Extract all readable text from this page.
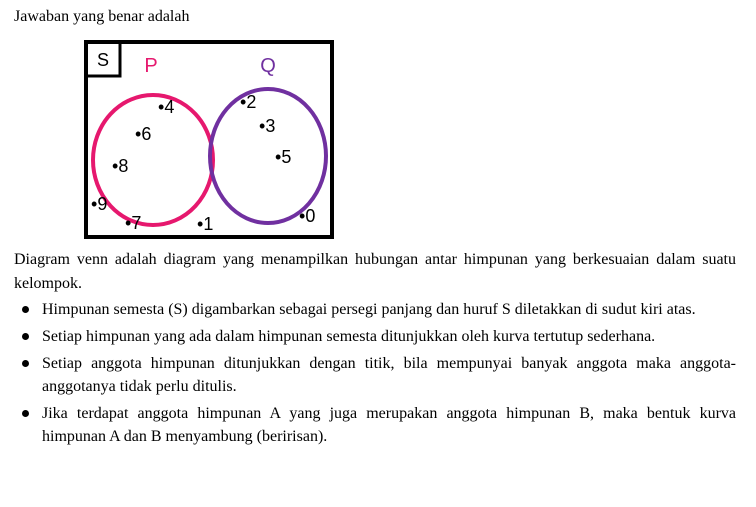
Jawaban yang benar adalah
S P
•4
•6
•8
Q
•2
•3
•5
•9
•7	•1	•0
Diagram venn adalah diagram yang menampilkan hubungan antar himpunan yang berkesuaian dalam suatu kelompok.
Himpunan semesta (S) digambarkan sebagai persegi panjang dan huruf S diletakkan di sudut kiri atas.
Setiap himpunan yang ada dalam himpunan semesta ditunjukkan oleh kurva tertutup sederhana.
Setiap anggota himpunan ditunjukkan dengan titik, bila mempunyai banyak anggota maka anggota-anggotanya tidak perlu ditulis.
Jika terdapat anggota himpunan A yang juga merupakan anggota himpunan B, maka bentuk kurva himpunan A dan B menyambung (beririsan).
